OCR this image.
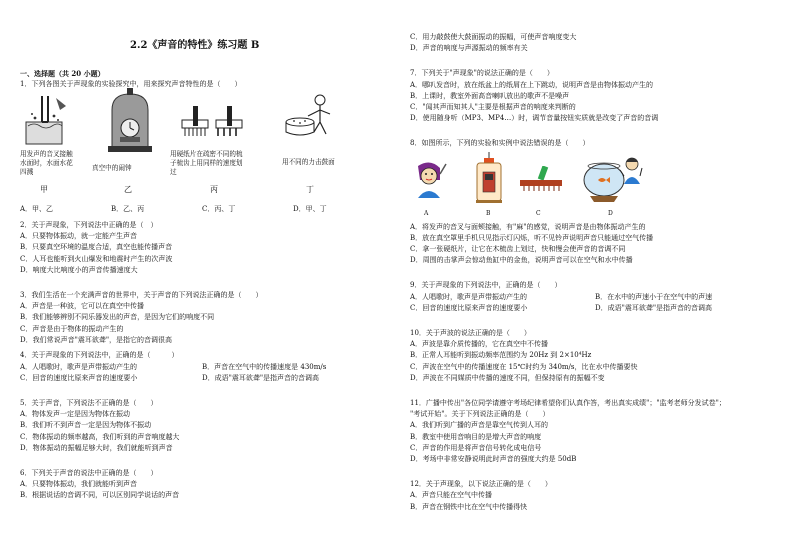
2.2《声音的特性》练习题 B
一、选择题（共 20 小题）
1．下列各图关于声现象的实验探究中，用来探究声音特性的是（　　）
用发声的音叉接触
水面时，水面水花
四溅
甲
真空中的闹钟
乙
用硬纸片在疏密不同的梳
子梳齿上用同样的速度划
过
丙
用不同的力击鼓面
丁
A．甲、乙	B．乙、丙	C．丙、丁	D．甲、丁
2．关于声现象，下列说法中正确的是（　）
A．只要物体振动，就一定能产生声音
B．只要真空环境的温度合适，真空也能传播声音
C．人耳也能听到火山爆发和地震时产生的次声波
D．响度大比响度小的声音传播速度大
3．我们生活在一个充满声音的世界中，关于声音的下列说法正确的是（　　）
A．声音是一种波，它可以在真空中传播
B．我们能够辨别不同乐器发出的声音，是因为它们的响度不同
C．声音是由于物体的振动产生的
D．我们常说声音"震耳欲聋"，是指它的音调很高
4．关于声现象的下列说法中，正确的是（　　　）
A．人唱歌时，歌声是声带振动产生的	B．声音在空气中的传播速度是 430m/s
C．回音的速度比原来声音的速度要小	D．成语"震耳欲聋"是指声音的音调高
5．关于声音，下列说法不正确的是（　　）
A．物体发声一定是因为物体在振动
B．我们听不到声音一定是因为物体不振动
C．物体振动的频率越高，我们听到的声音响度越大
D．物体振动的振幅足够大时，我们就能听到声音
6．下列关于声音的说法中正确的是（　　）
A．只要物体振动，我们就能听到声音
B．根据说话的音调不同，可以区别同学说话的声音
C．用力敲鼓使大鼓面振动的振幅，可使声音响度变大
D．声音的响度与声源振动的频率有关
7．下列关于"声现象"的说法正确的是（　　）
A．哪叭发音时，放在纸盆上的纸屑在上下跳动，说明声音是由物体振动产生的
B．上课时，教室外面高音喇叭放出的歌声不是噪声
C．"闻其声而知其人"主要是根据声音的响度来判断的
D．使用随身听（MP3、MP4…）时，调节音量按钮实质就是改变了声音的音调
8．如图所示，下列的实验和实例中说法错误的是（　　）
A	B	C	D
A．将发声的音叉与面颊接触，有"麻"的感觉，说明声音是由物体振动产生的
B．放在真空罩里手机只见指示灯闪烁，听不见铃声说明声音只能通过空气传播
C．拿一张硬纸片，让它在木梳齿上划过，快和慢会使声音的音调不同
D．周围的击掌声会惊动鱼缸中的金鱼，说明声音可以在空气和水中传播
9．关于声现象的下列说法中，正确的是（　　）
A．人唱歌时，歌声是声带振动产生的	B．在水中的声速小于在空气中的声速
C．回音的速度比原来声音的速度要小	D．成语"震耳欲聋"是指声音的音调高
10．关于声波的说法正确的是（　　）
A．声波是靠介质传播的，它在真空中不传播
B．正常人耳能听到振动频率范围约为 20Hz 到 2×10⁴Hz
C．声波在空气中的传播速度在 15℃时约为 340m/s，比在水中传播要快
D．声波在不同媒质中传播的速度不同，但保持原有的振幅不变
11．广播中传出"各位同学请遵守考场纪律希望你们认真作答，考出真实成绩"；"监考老师分发试卷"；
"考试开始"。关于下列说法正确的是（　　）
A．我们听到广播的声音是靠空气传到人耳的
B．教室中使用音响目的是增大声音的响度
C．声音的作用是将声音信号转化成电信号
D．考场中非常安静说明此时声音的强度大约是 50dB
12．关于声现象，以下说法正确的是（　　）
A．声音只能在空气中传播
B．声音在钢铁中比在空气中传播得快
